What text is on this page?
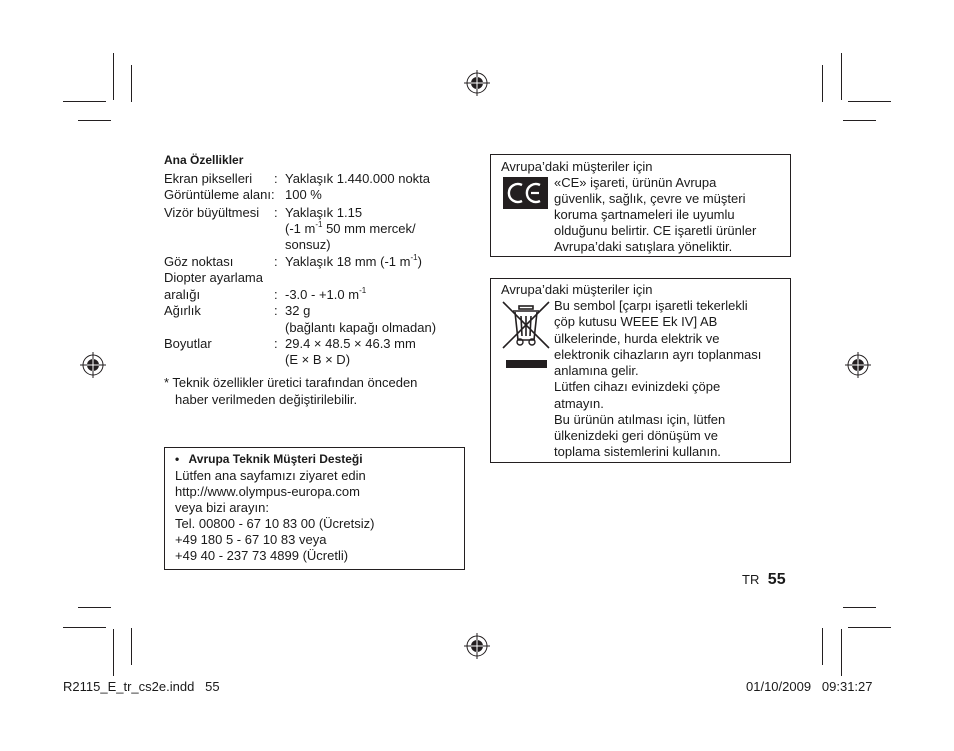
Ana Özellikler
Ekran pikselleri : Yaklaşık 1.440.000 nokta
Görüntüleme alanı: 100 %
Vizör büyültmesi : Yaklaşık 1.15
(-1 $m^{-1}$ 50 mm mercek/
sonsuz)
Göz noktası	: Yaklaşık 18 mm (-1 $m^{-1}$)
Diopter ayarlama
aralığı	: -3.0 - +1.0 $m^{-1}$
Ağırlık	: 32 g
(bağlantı kapağı olmadan)
Boyutlar	: 29.4 × 48.5 × 46.3 mm
(E × B × D)
* Teknik özellikler üretici tarafından önceden
haber verilmeden değiştirilebilir.
• Avrupa Teknik Müşteri Desteği
Lütfen ana sayfamızı ziyaret edin
http://www.olympus-europa.com
veya bizi arayın:
Tel. 00800 - 67 10 83 00 (Ücretsiz)
+49 180 5 - 67 10 83 veya
+49 40 - 237 73 4899 (Ücretli)
Avrupa’daki müşteriler için
«CE» işareti, ürünün Avrupa
güvenlik, sağlık, çevre ve müşteri
koruma şartnameleri ile uyumlu
olduğunu belirtir. CE işaretli ürünler
Avrupa’daki satışlara yöneliktir.
Avrupa’daki müşteriler için
Bu sembol [çarpı işaretli tekerlekli
çöp kutusu WEEE Ek IV] AB
ülkelerinde, hurda elektrik ve
elektronik cihazların ayrı toplanması
anlamına gelir.
Lütfen cihazı evinizdeki çöpe
atmayın.
Bu ürünün atılması için, lütfen
ülkenizdeki geri dönüşüm ve
toplama sistemlerini kullanın.
TR 55
R2115_E_tr_cs2e.indd   55	01/10/2009   09:31:27
